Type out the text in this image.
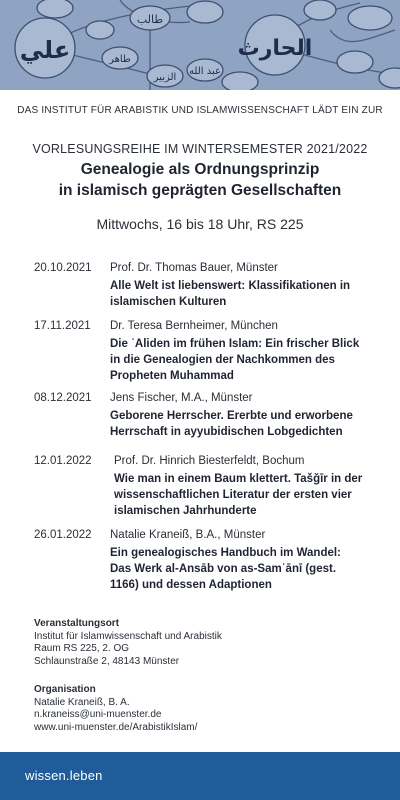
علي	الحارث
طالب
عبد الله
الزبير
طاهر
DAS INSTITUT FÜR ARABISTIK UND ISLAMWISSENSCHAFT LÄDT EIN ZUR
VORLESUNGSREIHE IM WINTERSEMESTER 2021/2022
Genealogie als Ordnungsprinzip
in islamisch geprägten Gesellschaften
Mittwochs, 16 bis 18 Uhr, RS 225
20.10.2021 Prof. Dr. Thomas Bauer, Münster
Alle Welt ist liebenswert: Klassifikationen in
islamischen Kulturen
17.11.2021 Dr. Teresa Bernheimer, München
Die ʿAliden im frühen Islam: Ein frischer Blick
in die Genealogien der Nachkommen des
Propheten Muhammad
08.12.2021 Jens Fischer, M.A., Münster
Geborene Herrscher. Ererbte und erworbene
Herrschaft in ayyubidischen Lobgedichten
12.01.2022 Prof. Dr. Hinrich Biesterfeldt, Bochum
Wie man in einem Baum klettert. Tašǧīr in der
wissenschaftlichen Literatur der ersten vier
islamischen Jahrhunderte
26.01.2022 Natalie Kraneiß, B.A., Münster
Ein genealogisches Handbuch im Wandel:
Das Werk al-Ansāb von as-Samʿānī (gest.
1166) und dessen Adaptionen
Veranstaltungsort
Institut für Islamwissenschaft und Arabistik
Raum RS 225, 2. OG
Schlaunstraße 2, 48143 Münster
Organisation
Natalie Kraneiß, B. A.
n.kraneiss@uni-muenster.de
www.uni-muenster.de/ArabistikIslam/
wissen.leben
